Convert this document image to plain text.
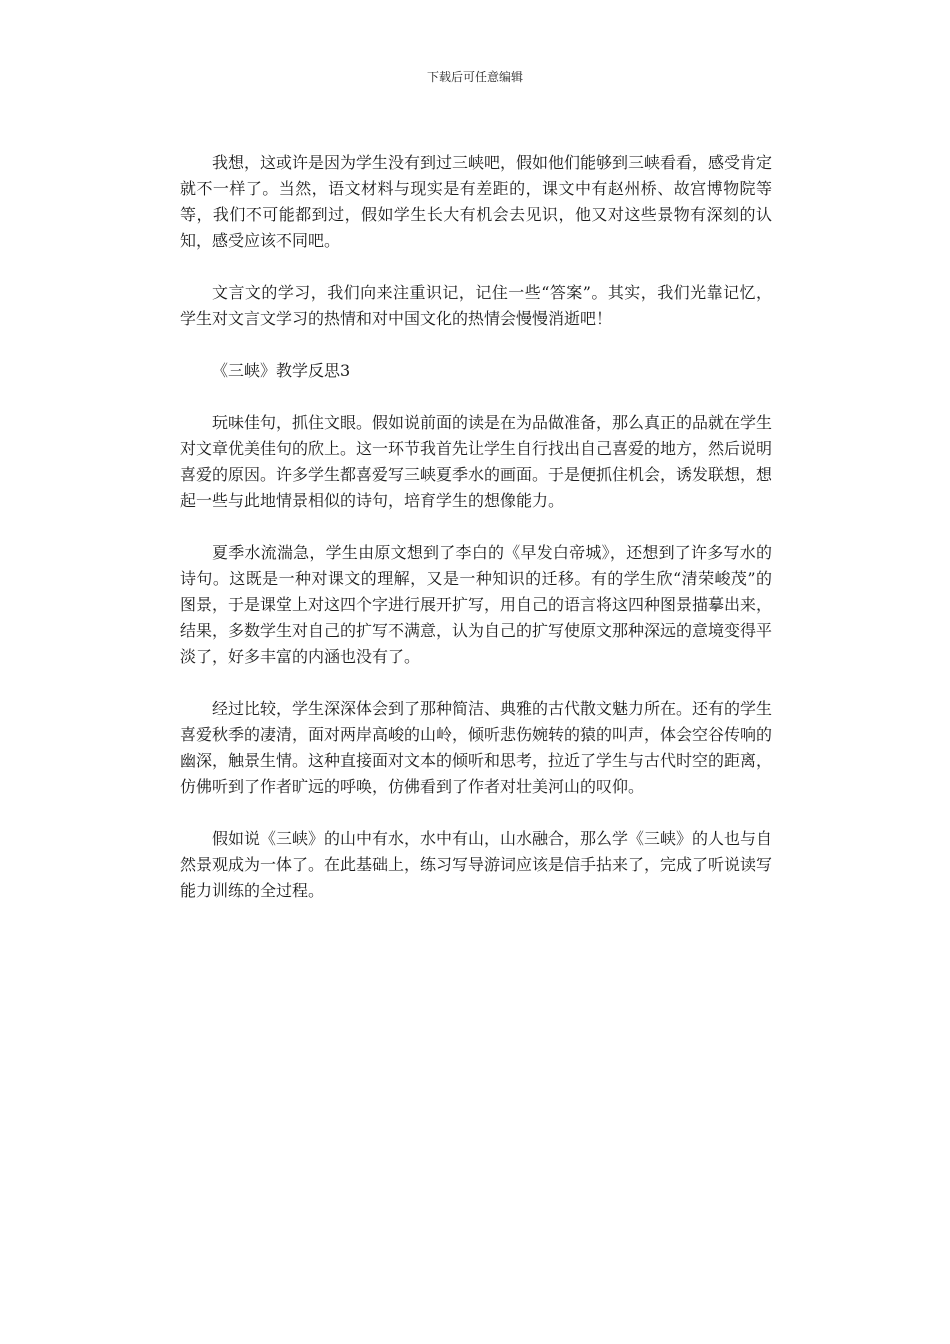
下载后可任意编辑

我想，这或许是因为学生没有到过三峡吧，假如他们能够到三峡看看，感受肯定就不一样了。当然，语文材料与现实是有差距的，课文中有赵州桥、故宫博物院等等，我们不可能都到过，假如学生长大有机会去见识，他又对这些景物有深刻的认知，感受应该不同吧。

文言文的学习，我们向来注重识记，记住一些“答案”。其实，我们光靠记忆，学生对文言文学习的热情和对中国文化的热情会慢慢消逝吧！

《三峡》教学反思3

玩味佳句，抓住文眼。假如说前面的读是在为品做准备，那么真正的品就在学生对文章优美佳句的欣上。这一环节我首先让学生自行找出自己喜爱的地方，然后说明喜爱的原因。许多学生都喜爱写三峡夏季水的画面。于是便抓住机会，诱发联想，想起一些与此地情景相似的诗句，培育学生的想像能力。

夏季水流湍急，学生由原文想到了李白的《早发白帝城》，还想到了许多写水的诗句。这既是一种对课文的理解，又是一种知识的迁移。有的学生欣“清荣峻茂”的图景，于是课堂上对这四个字进行展开扩写，用自己的语言将这四种图景描摹出来，结果，多数学生对自己的扩写不满意，认为自己的扩写使原文那种深远的意境变得平淡了，好多丰富的内涵也没有了。

经过比较，学生深深体会到了那种简洁、典雅的古代散文魅力所在。还有的学生喜爱秋季的凄清，面对两岸高峻的山岭，倾听悲伤婉转的猿的叫声，体会空谷传响的幽深，触景生情。这种直接面对文本的倾听和思考，拉近了学生与古代时空的距离，仿佛听到了作者旷远的呼唤，仿佛看到了作者对壮美河山的叹仰。

假如说《三峡》的山中有水，水中有山，山水融合，那么学《三峡》的人也与自然景观成为一体了。在此基础上，练习写导游词应该是信手拈来了，完成了听说读写能力训练的全过程。
